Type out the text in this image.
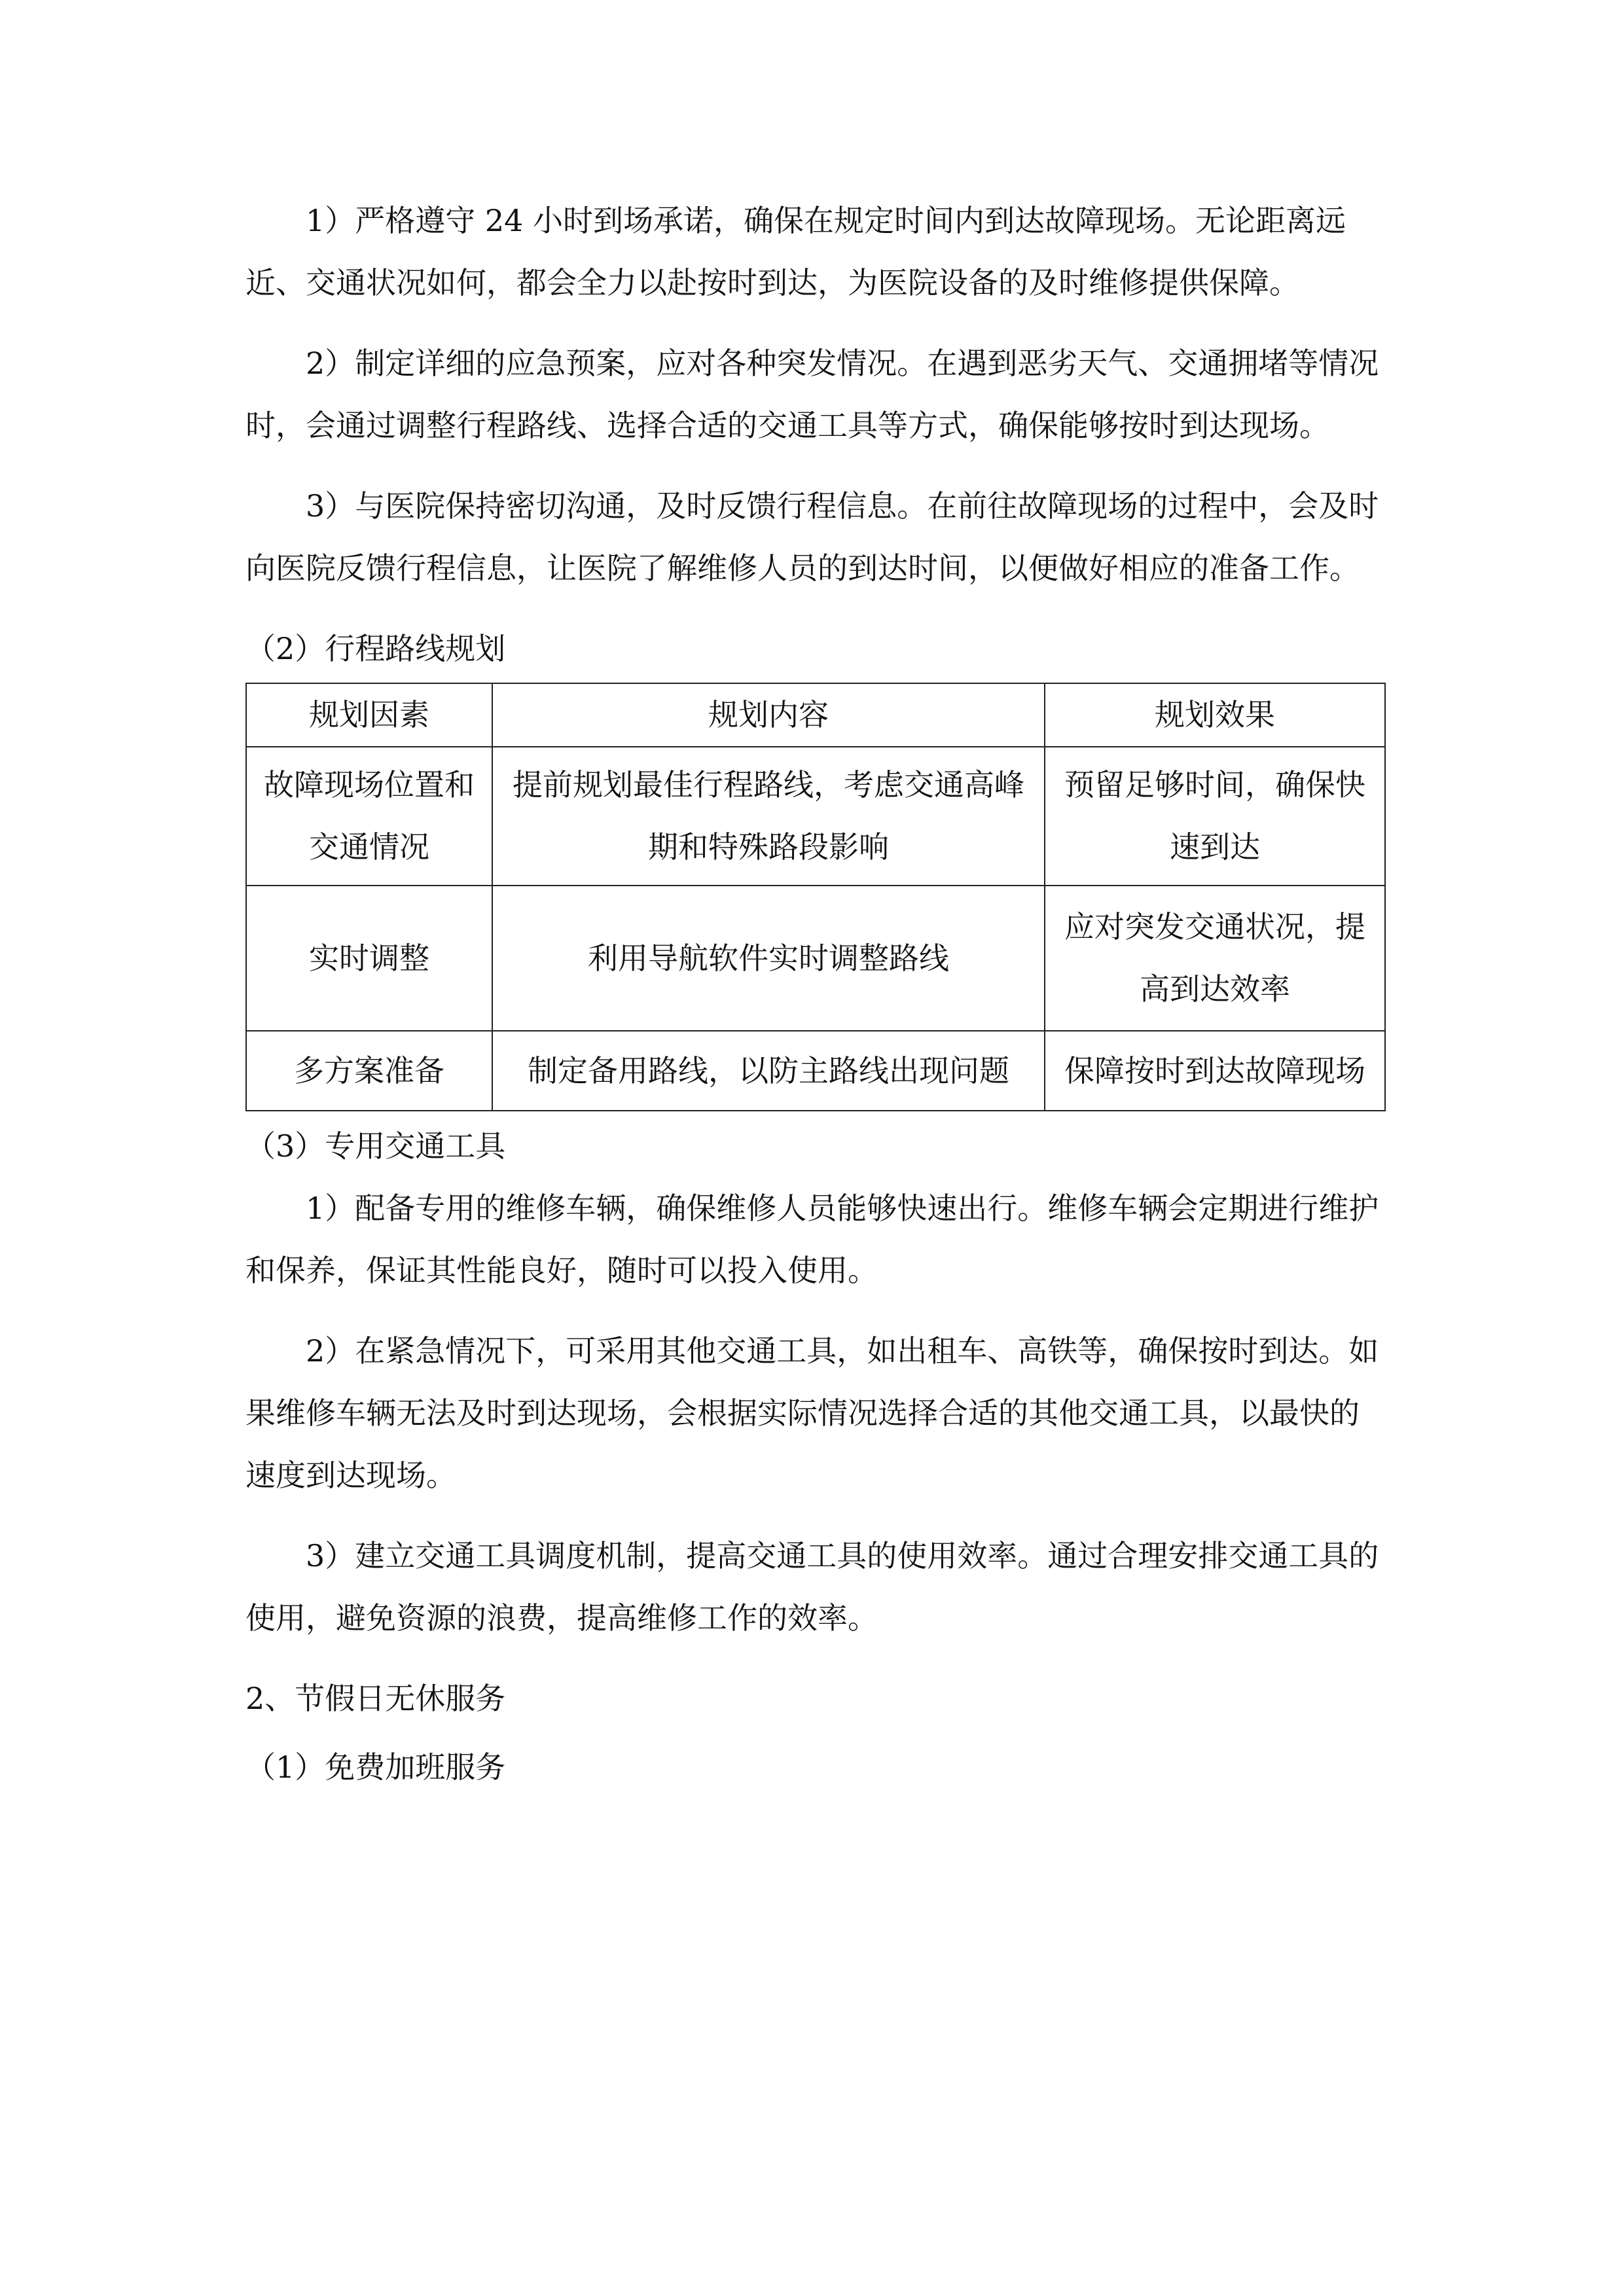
1）严格遵守 24 小时到场承诺，确保在规定时间内到达故障现场。无论距离远近、交通状况如何，都会全力以赴按时到达，为医院设备的及时维修提供保障。

2）制定详细的应急预案，应对各种突发情况。在遇到恶劣天气、交通拥堵等情况时，会通过调整行程路线、选择合适的交通工具等方式，确保能够按时到达现场。

3）与医院保持密切沟通，及时反馈行程信息。在前往故障现场的过程中，会及时向医院反馈行程信息，让医院了解维修人员的到达时间，以便做好相应的准备工作。

（2）行程路线规划

规划因素	规划内容	规划效果
故障现场位置和交通情况	提前规划最佳行程路线，考虑交通高峰期和特殊路段影响	预留足够时间，确保快速到达
实时调整	利用导航软件实时调整路线	应对突发交通状况，提高到达效率
多方案准备	制定备用路线，以防主路线出现问题	保障按时到达故障现场

（3）专用交通工具

1）配备专用的维修车辆，确保维修人员能够快速出行。维修车辆会定期进行维护和保养，保证其性能良好，随时可以投入使用。

2）在紧急情况下，可采用其他交通工具，如出租车、高铁等，确保按时到达。如果维修车辆无法及时到达现场，会根据实际情况选择合适的其他交通工具，以最快的速度到达现场。

3）建立交通工具调度机制，提高交通工具的使用效率。通过合理安排交通工具的使用，避免资源的浪费，提高维修工作的效率。

2、节假日无休服务

（1）免费加班服务
